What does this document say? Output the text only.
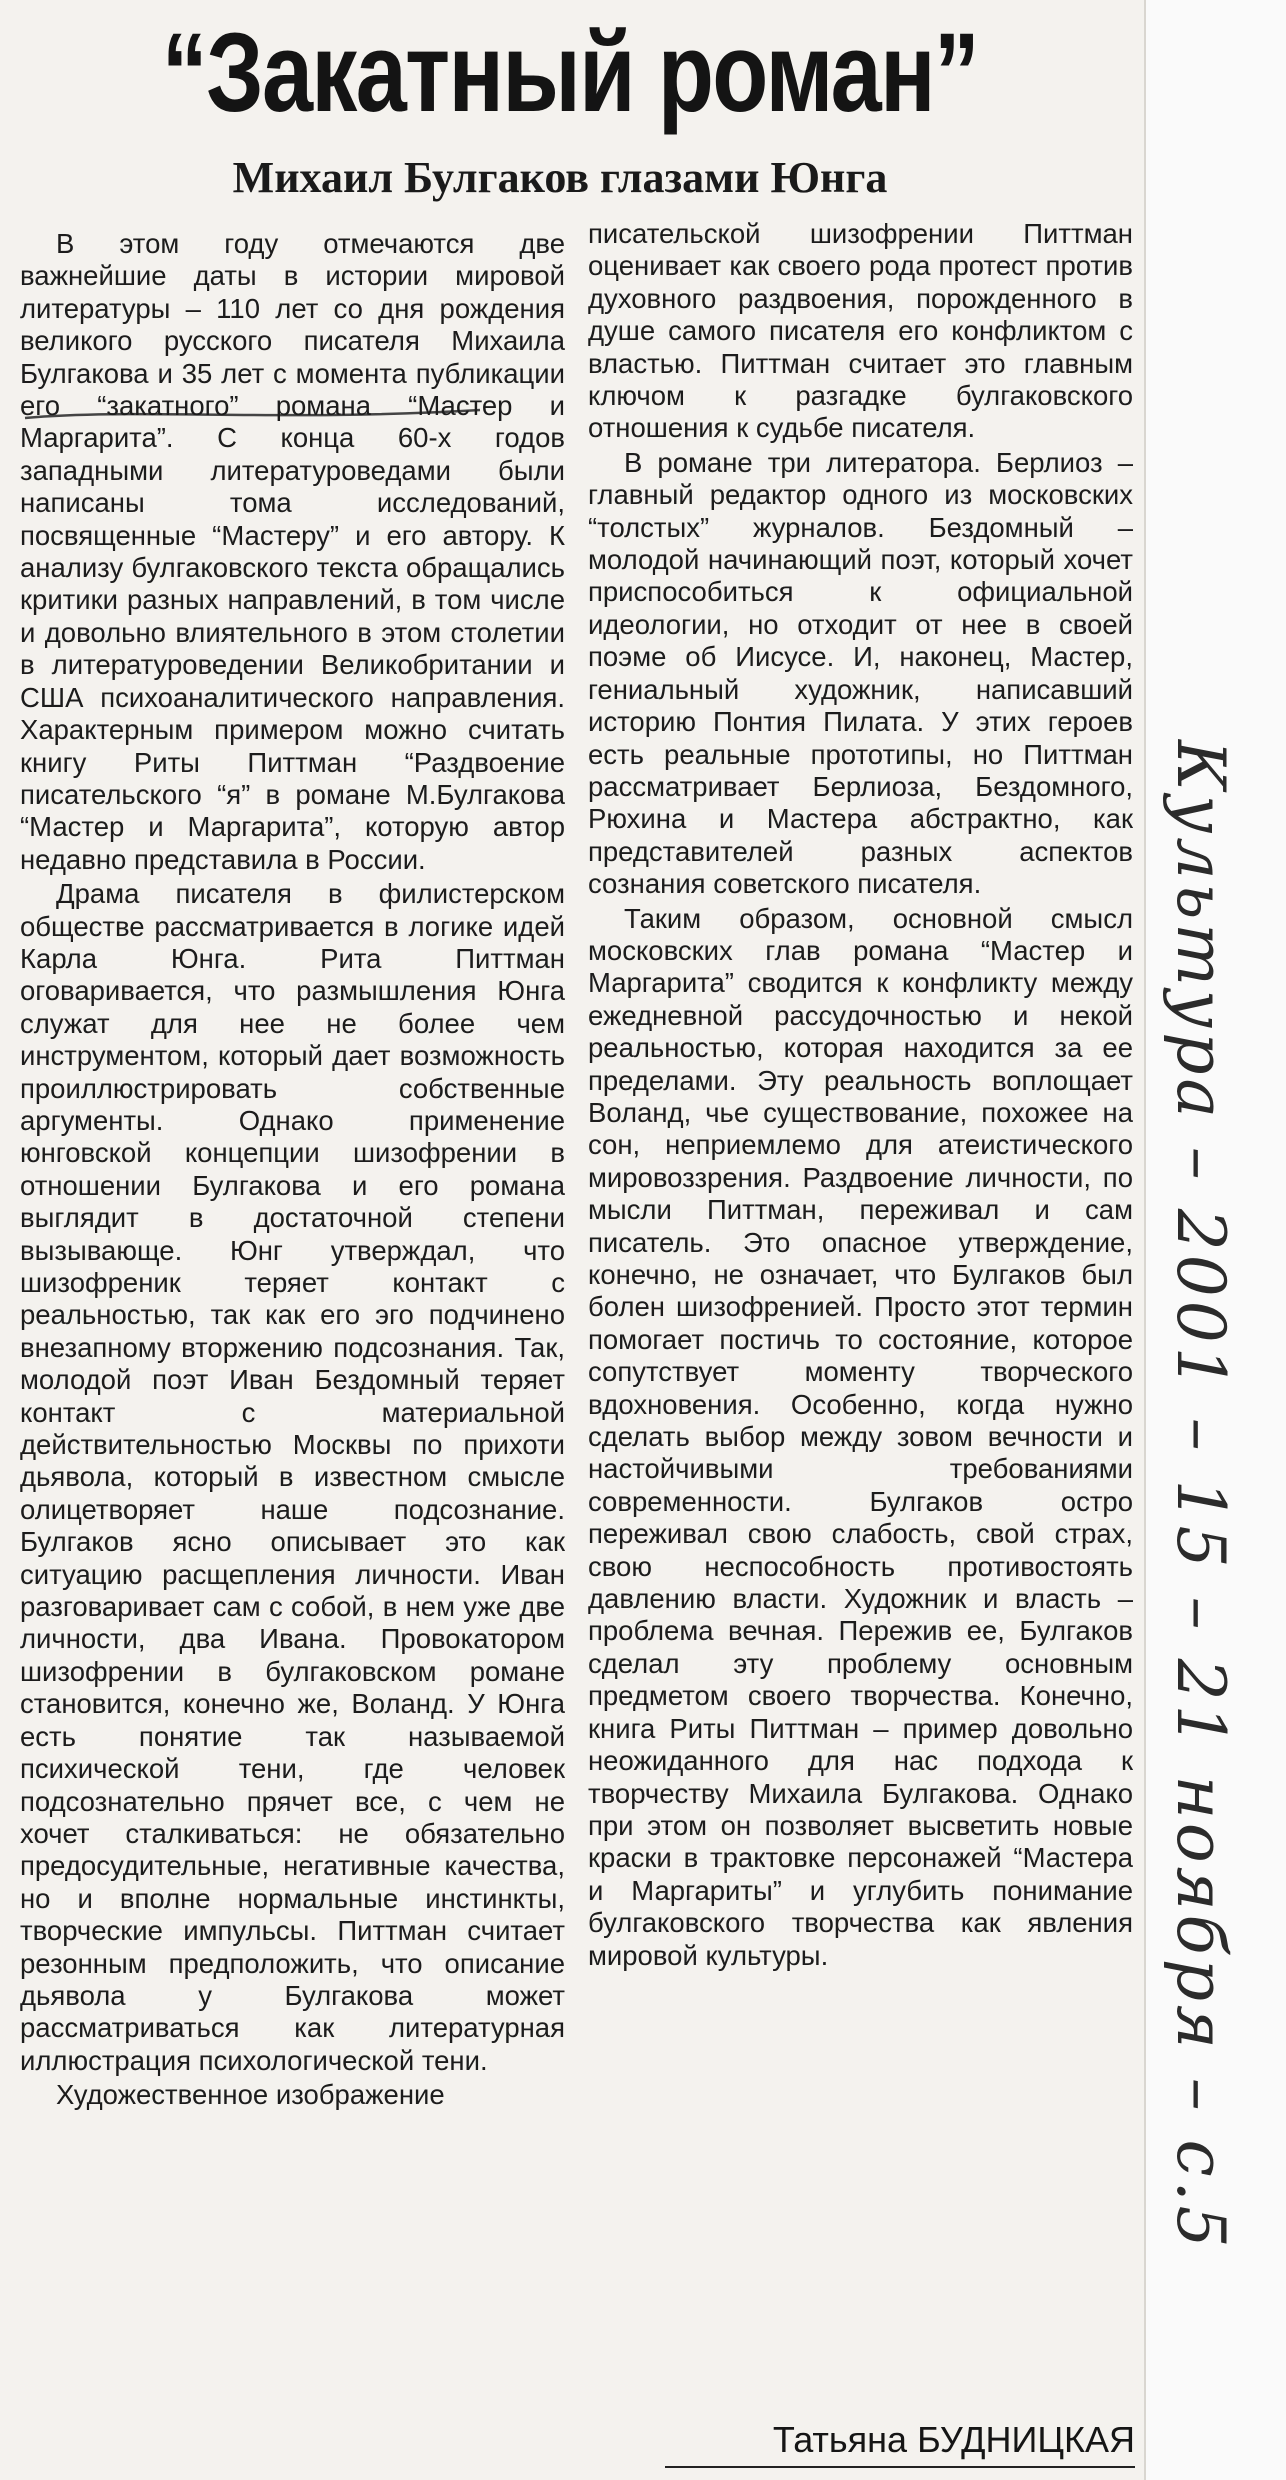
“Закатный роман”
Михаил Булгаков глазами Юнга

В этом году отмечаются две важнейшие даты в истории мировой литературы – 110 лет со дня рождения великого русского писателя Михаила Булгакова и 35 лет с момента публикации его “закатного” романа “Мастер и Маргарита”. С конца 60-х годов западными литературоведами были написаны тома исследований, посвященные “Мастеру” и его автору. К анализу булгаковского текста обращались критики разных направлений, в том числе и довольно влиятельного в этом столетии в литературоведении Великобритании и США психоаналитического направления. Характерным примером можно считать книгу Риты Питтман “Раздвоение писательского “я” в романе М.Булгакова “Мастер и Маргарита”, которую автор недавно представила в России.

Драма писателя в филистерском обществе рассматривается в логике идей Карла Юнга. Рита Питтман оговаривается, что размышления Юнга служат для нее не более чем инструментом, который дает возможность проиллюстрировать собственные аргументы. Однако применение юнговской концепции шизофрении в отношении Булгакова и его романа выглядит в достаточной степени вызывающе. Юнг утверждал, что шизофреник теряет контакт с реальностью, так как его эго подчинено внезапному вторжению подсознания. Так, молодой поэт Иван Бездомный теряет контакт с материальной действительностью Москвы по прихоти дьявола, который в известном смысле олицетворяет наше подсознание. Булгаков ясно описывает это как ситуацию расщепления личности. Иван разговаривает сам с собой, в нем уже две личности, два Ивана. Провокатором шизофрении в булгаковском романе становится, конечно же, Воланд. У Юнга есть понятие так называемой психической тени, где человек подсознательно прячет все, с чем не хочет сталкиваться: не обязательно предосудительные, негативные качества, но и вполне нормальные инстинкты, творческие импульсы. Питтман считает резонным предположить, что описание дьявола у Булгакова может рассматриваться как литературная иллюстрация психологической тени.

Художественное изображение

писательской шизофрении Питтман оценивает как своего рода протест против духовного раздвоения, порожденного в душе самого писателя его конфликтом с властью. Питтман считает это главным ключом к разгадке булгаковского отношения к судьбе писателя.

В романе три литератора. Берлиоз – главный редактор одного из московских “толстых” журналов. Бездомный – молодой начинающий поэт, который хочет приспособиться к официальной идеологии, но отходит от нее в своей поэме об Иисусе. И, наконец, Мастер, гениальный художник, написавший историю Понтия Пилата. У этих героев есть реальные прототипы, но Питтман рассматривает Берлиоза, Бездомного, Рюхина и Мастера абстрактно, как представителей разных аспектов сознания советского писателя.

Таким образом, основной смысл московских глав романа “Мастер и Маргарита” сводится к конфликту между ежедневной рассудочностью и некой реальностью, которая находится за ее пределами. Эту реальность воплощает Воланд, чье существование, похожее на сон, неприемлемо для атеистического мировоззрения. Раздвоение личности, по мысли Питтман, переживал и сам писатель. Это опасное утверждение, конечно, не означает, что Булгаков был болен шизофренией. Просто этот термин помогает постичь то состояние, которое сопутствует моменту творческого вдохновения. Особенно, когда нужно сделать выбор между зовом вечности и настойчивыми требованиями современности. Булгаков остро переживал свою слабость, свой страх, свою неспособность противостоять давлению власти. Художник и власть – проблема вечная. Пережив ее, Булгаков сделал эту проблему основным предметом своего творчества. Конечно, книга Риты Питтман – пример довольно неожиданного для нас подхода к творчеству Михаила Булгакова. Однако при этом он позволяет высветить новые краски в трактовке персонажей “Мастера и Маргариты” и углубить понимание булгаковского творчества как явления мировой культуры.

Татьяна БУДНИЦКАЯ
Культура – 2001 – 15 – 21 ноября – с.5
